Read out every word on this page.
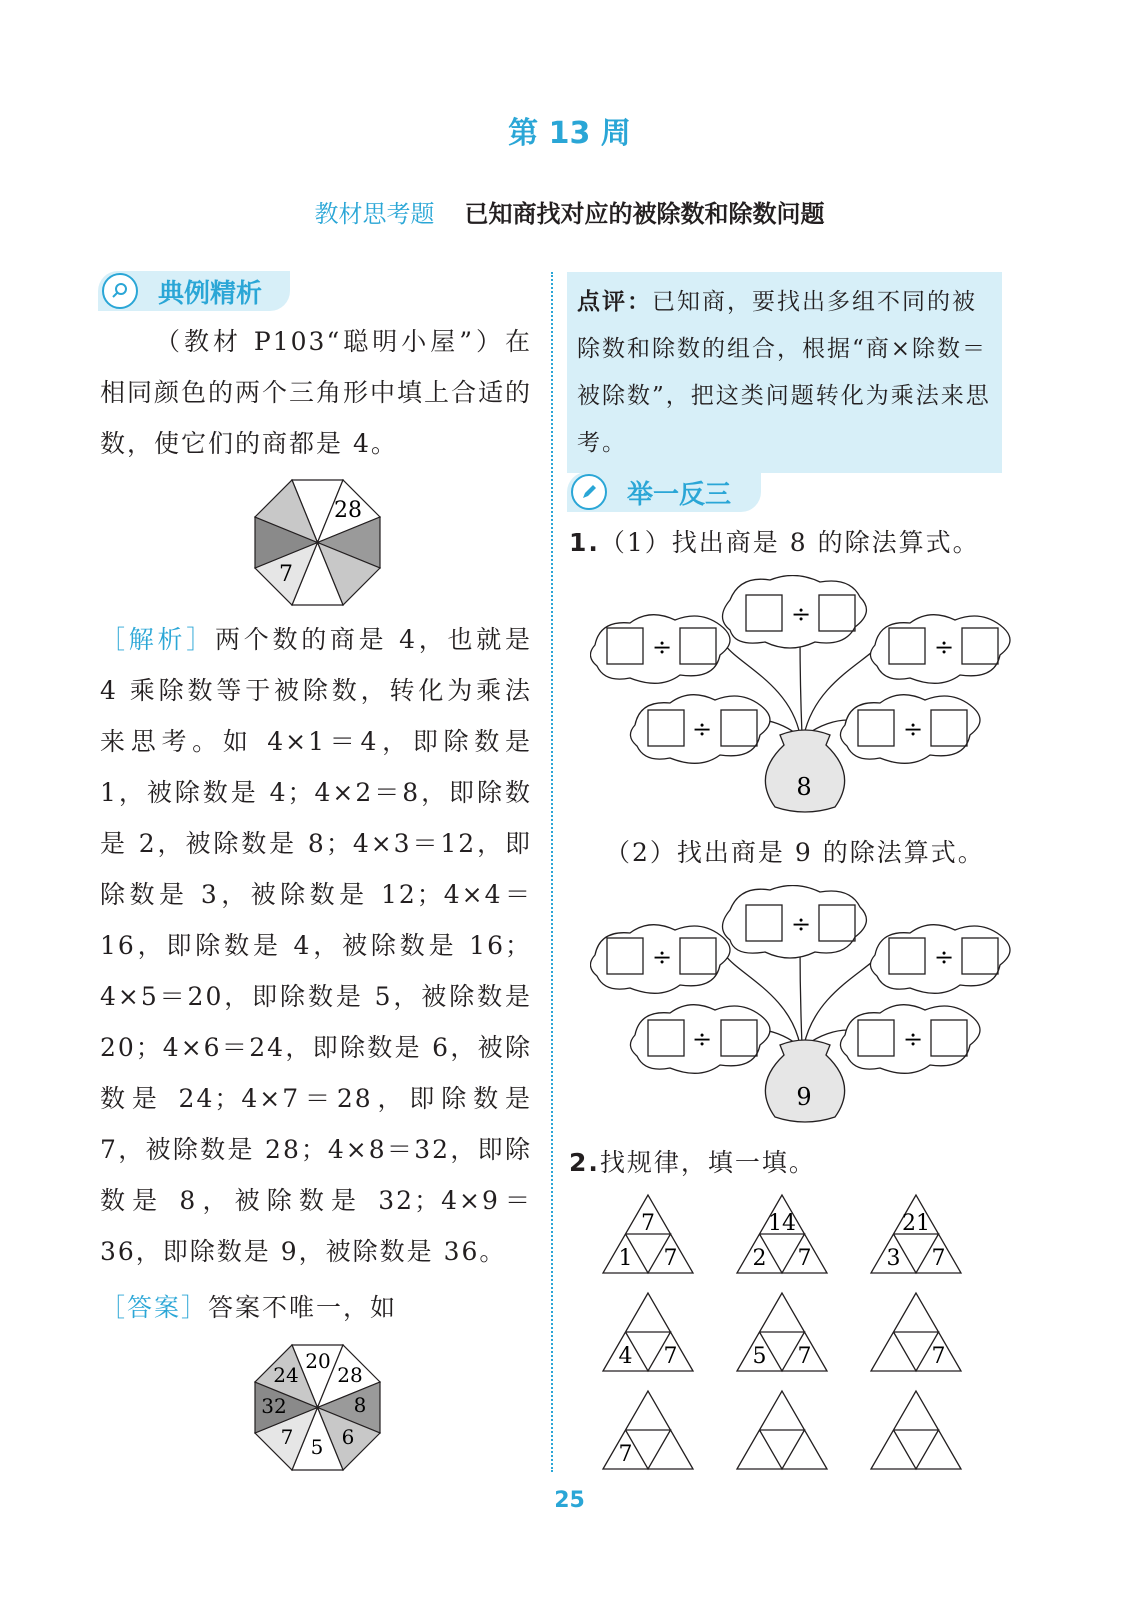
第 13 周
教材思考题 已知商找对应的被除数和除数问题
典例精析
（教材 P103“聪明小屋”）在相同颜色的两个三角形中填上合适的数，使它们的商都是 4。
28
7
［解析］两个数的商是 4，也就是 4 乘除数等于被除数，转化为乘法来思考。如 4×1＝4，即除数是 1，被除数是 4；4×2＝8，即除数是 2，被除数是 8；4×3＝12，即除数是 3，被除数是 12；4×4＝16，即除数是 4，被除数是 16；4×5＝20，即除数是 5，被除数是 20；4×6＝24，即除数是 6，被除数是 24；4×7＝28，即除数是 7，被除数是 28；4×8＝32，即除数是 8，被除数是 32；4×9＝36，即除数是 9，被除数是 36。
［答案］答案不唯一，如
20
28
8
6
5
7
32
24
点评：已知商，要找出多组不同的被除数和除数的组合，根据“商×除数＝被除数”，把这类问题转化为乘法来思考。
举一反三
1.（1）找出商是 8 的除法算式。
÷
÷
÷
÷	÷
8
（2）找出商是 9 的除法算式。
÷
÷
÷
÷	÷
9
2.找规律，填一填。
7
1 7
14
2 7
21
3 7
4 7	5 7	7
7
25
